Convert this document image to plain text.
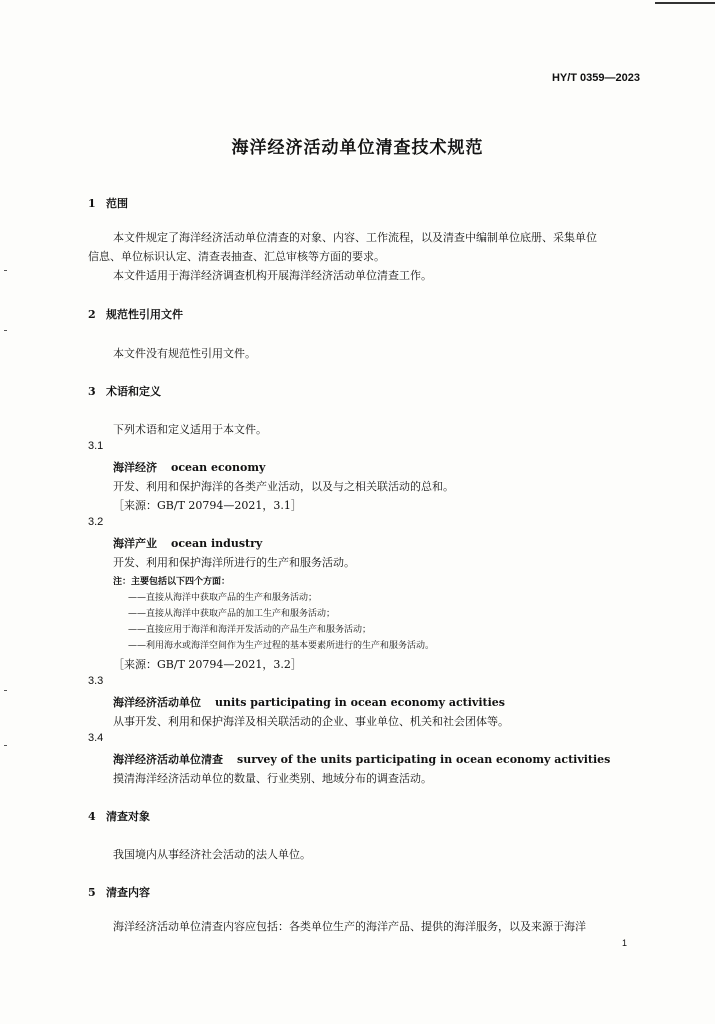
HY/T 0359—2023
海洋经济活动单位清查技术规范
1 范围
本文件规定了海洋经济活动单位清查的对象、内容、工作流程，以及清查中编制单位底册、采集单位
信息、单位标识认定、清查表抽查、汇总审核等方面的要求。
本文件适用于海洋经济调查机构开展海洋经济活动单位清查工作。
2 规范性引用文件
本文件没有规范性引用文件。
3 术语和定义
下列术语和定义适用于本文件。
3.1
海洋经济 ocean economy
开发、利用和保护海洋的各类产业活动，以及与之相关联活动的总和。
［来源：GB/T 20794—2021，3.1］
3.2
海洋产业 ocean industry
开发、利用和保护海洋所进行的生产和服务活动。
注：主要包括以下四个方面：
——直接从海洋中获取产品的生产和服务活动；
——直接从海洋中获取产品的加工生产和服务活动；
——直接应用于海洋和海洋开发活动的产品生产和服务活动；
——利用海水或海洋空间作为生产过程的基本要素所进行的生产和服务活动。
［来源：GB/T 20794—2021，3.2］
3.3
海洋经济活动单位 units participating in ocean economy activities
从事开发、利用和保护海洋及相关联活动的企业、事业单位、机关和社会团体等。
3.4
海洋经济活动单位清查 survey of the units participating in ocean economy activities
摸清海洋经济活动单位的数量、行业类别、地域分布的调查活动。
4 清查对象
我国境内从事经济社会活动的法人单位。
5 清查内容
海洋经济活动单位清查内容应包括：各类单位生产的海洋产品、提供的海洋服务，以及来源于海洋
1
